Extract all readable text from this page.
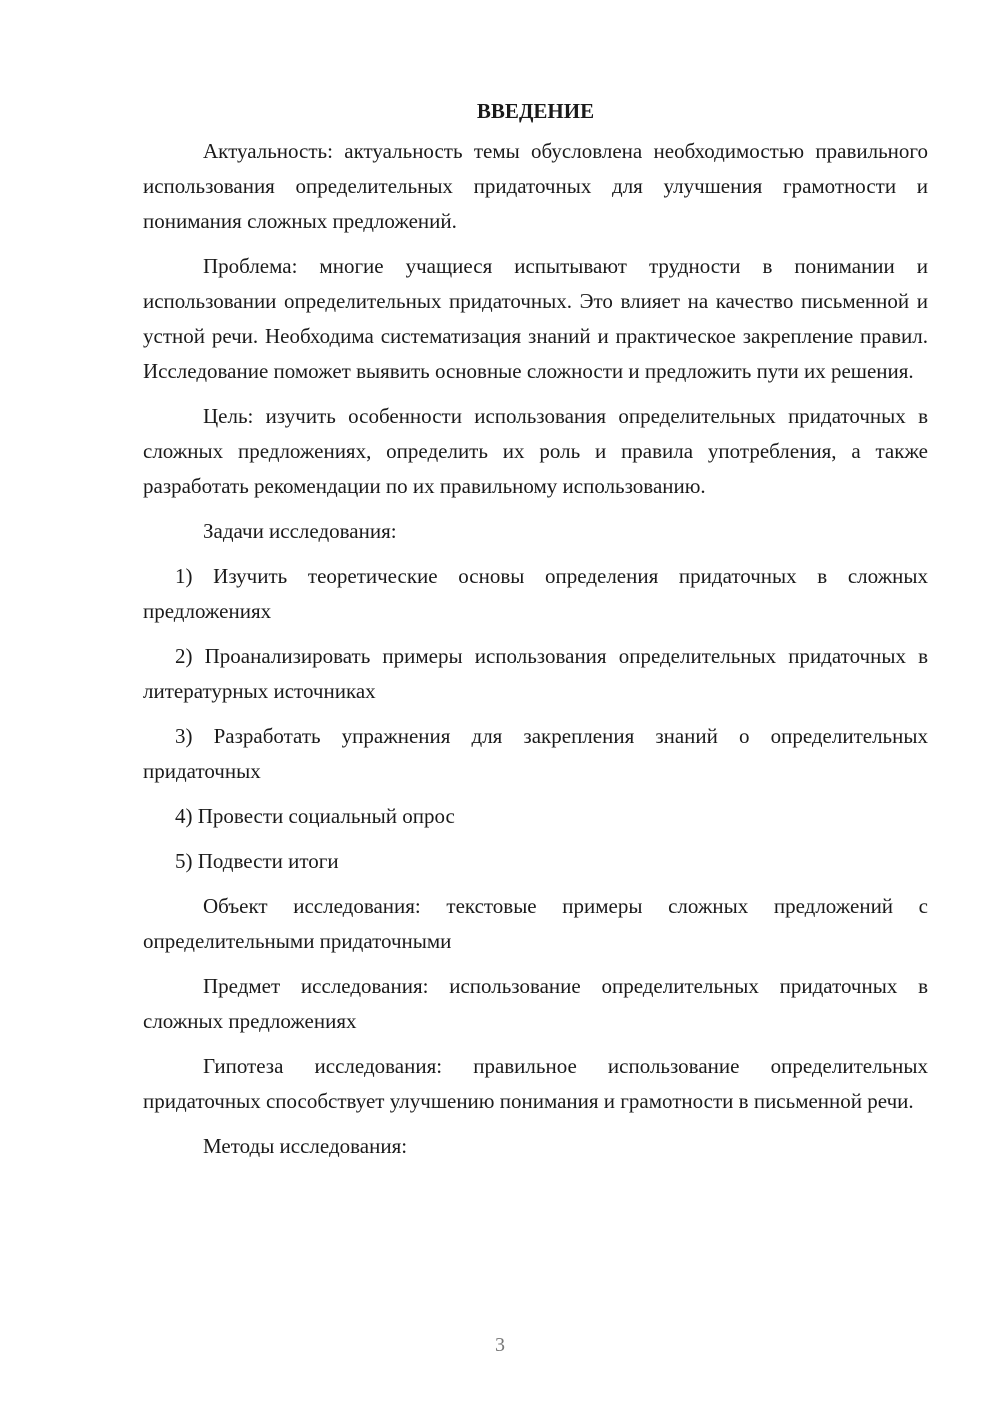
ВВЕДЕНИЕ
Актуальность: актуальность темы обусловлена необходимостью правильного использования определительных придаточных для улучшения грамотности и понимания сложных предложений.
Проблема: многие учащиеся испытывают трудности в понимании и использовании определительных придаточных. Это влияет на качество письменной и устной речи. Необходима систематизация знаний и практическое закрепление правил. Исследование поможет выявить основные сложности и предложить пути их решения.
Цель: изучить особенности использования определительных придаточных в сложных предложениях, определить их роль и правила употребления, а также разработать рекомендации по их правильному использованию.
Задачи исследования:
1) Изучить теоретические основы определения придаточных в сложных предложениях
2) Проанализировать примеры использования определительных придаточных в литературных источниках
3) Разработать упражнения для закрепления знаний о определительных придаточных
4) Провести социальный опрос
5) Подвести итоги
Объект исследования: текстовые примеры сложных предложений с определительными придаточными
Предмет исследования: использование определительных придаточных в сложных предложениях
Гипотеза исследования: правильное использование определительных придаточных способствует улучшению понимания и грамотности в письменной речи.
Методы исследования:
3
